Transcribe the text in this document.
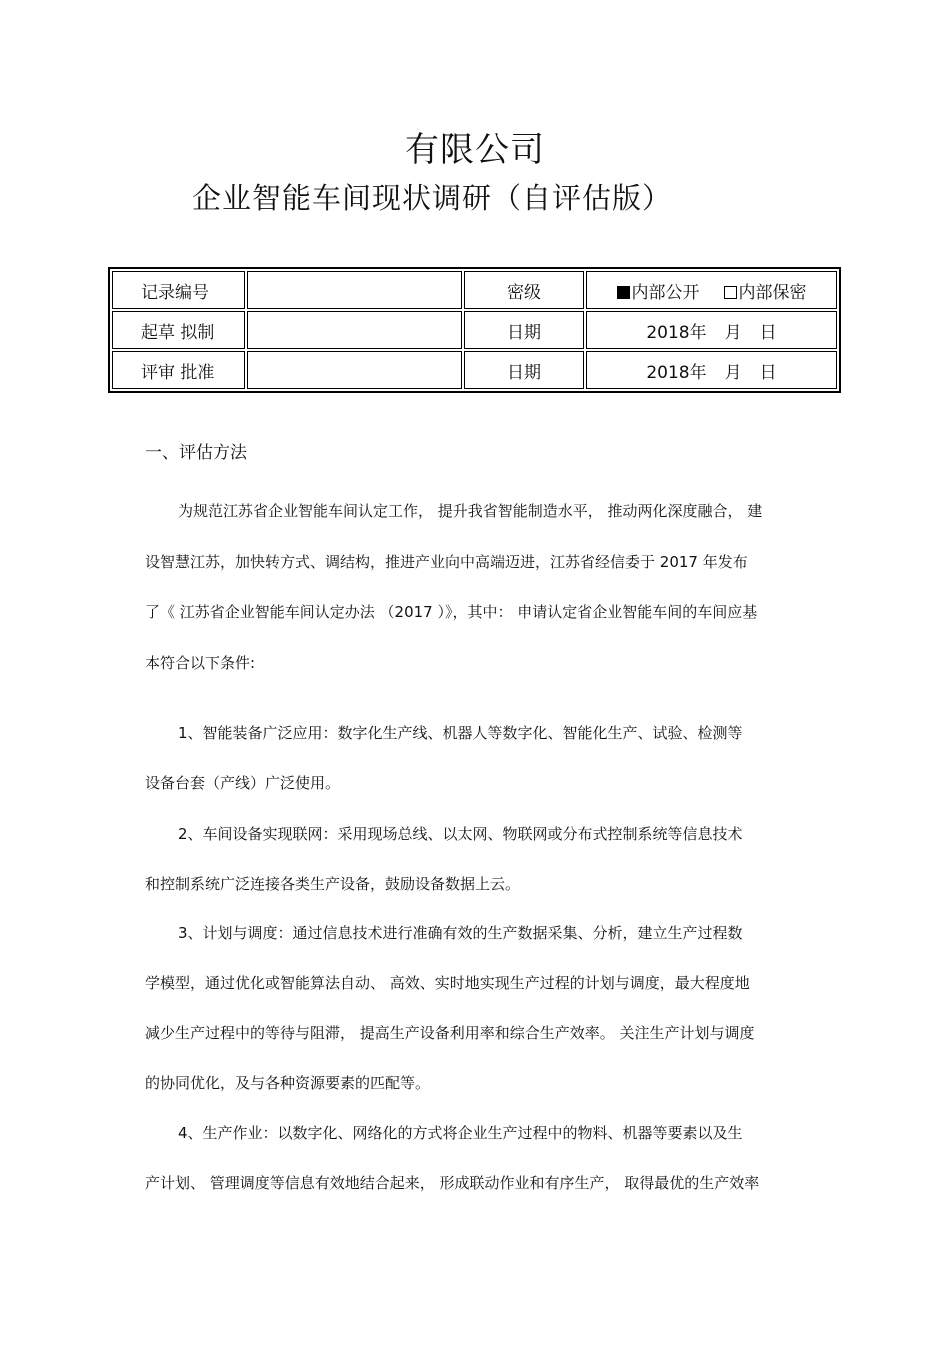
有限公司
企业智能车间现状调研（自评估版）
记录编号		密级	内部公开 内部保密
起草 拟制		日期	2018年 月 日
评审 批准		日期	2018年 月 日
一、评估方法
为规范江苏省企业智能车间认定工作， 提升我省智能制造水平， 推动两化深度融合， 建
设智慧江苏，加快转方式、调结构，推进产业向中高端迈进，江苏省经信委于 2017 年发布
了《 江苏省企业智能车间认定办法 （2017 ）》，其中： 申请认定省企业智能车间的车间应基
本符合以下条件:
1、智能装备广泛应用：数字化生产线、机器人等数字化、智能化生产、试验、检测等
设备台套（产线）广泛使用。
2、车间设备实现联网：采用现场总线、以太网、物联网或分布式控制系统等信息技术
和控制系统广泛连接各类生产设备，鼓励设备数据上云。
3、计划与调度：通过信息技术进行准确有效的生产数据采集、分析，建立生产过程数
学模型，通过优化或智能算法自动、 高效、实时地实现生产过程的计划与调度，最大程度地
减少生产过程中的等待与阻滞， 提高生产设备利用率和综合生产效率。 关注生产计划与调度
的协同优化，及与各种资源要素的匹配等。
4、生产作业：以数字化、网络化的方式将企业生产过程中的物料、机器等要素以及生
产计划、 管理调度等信息有效地结合起来， 形成联动作业和有序生产， 取得最优的生产效率
